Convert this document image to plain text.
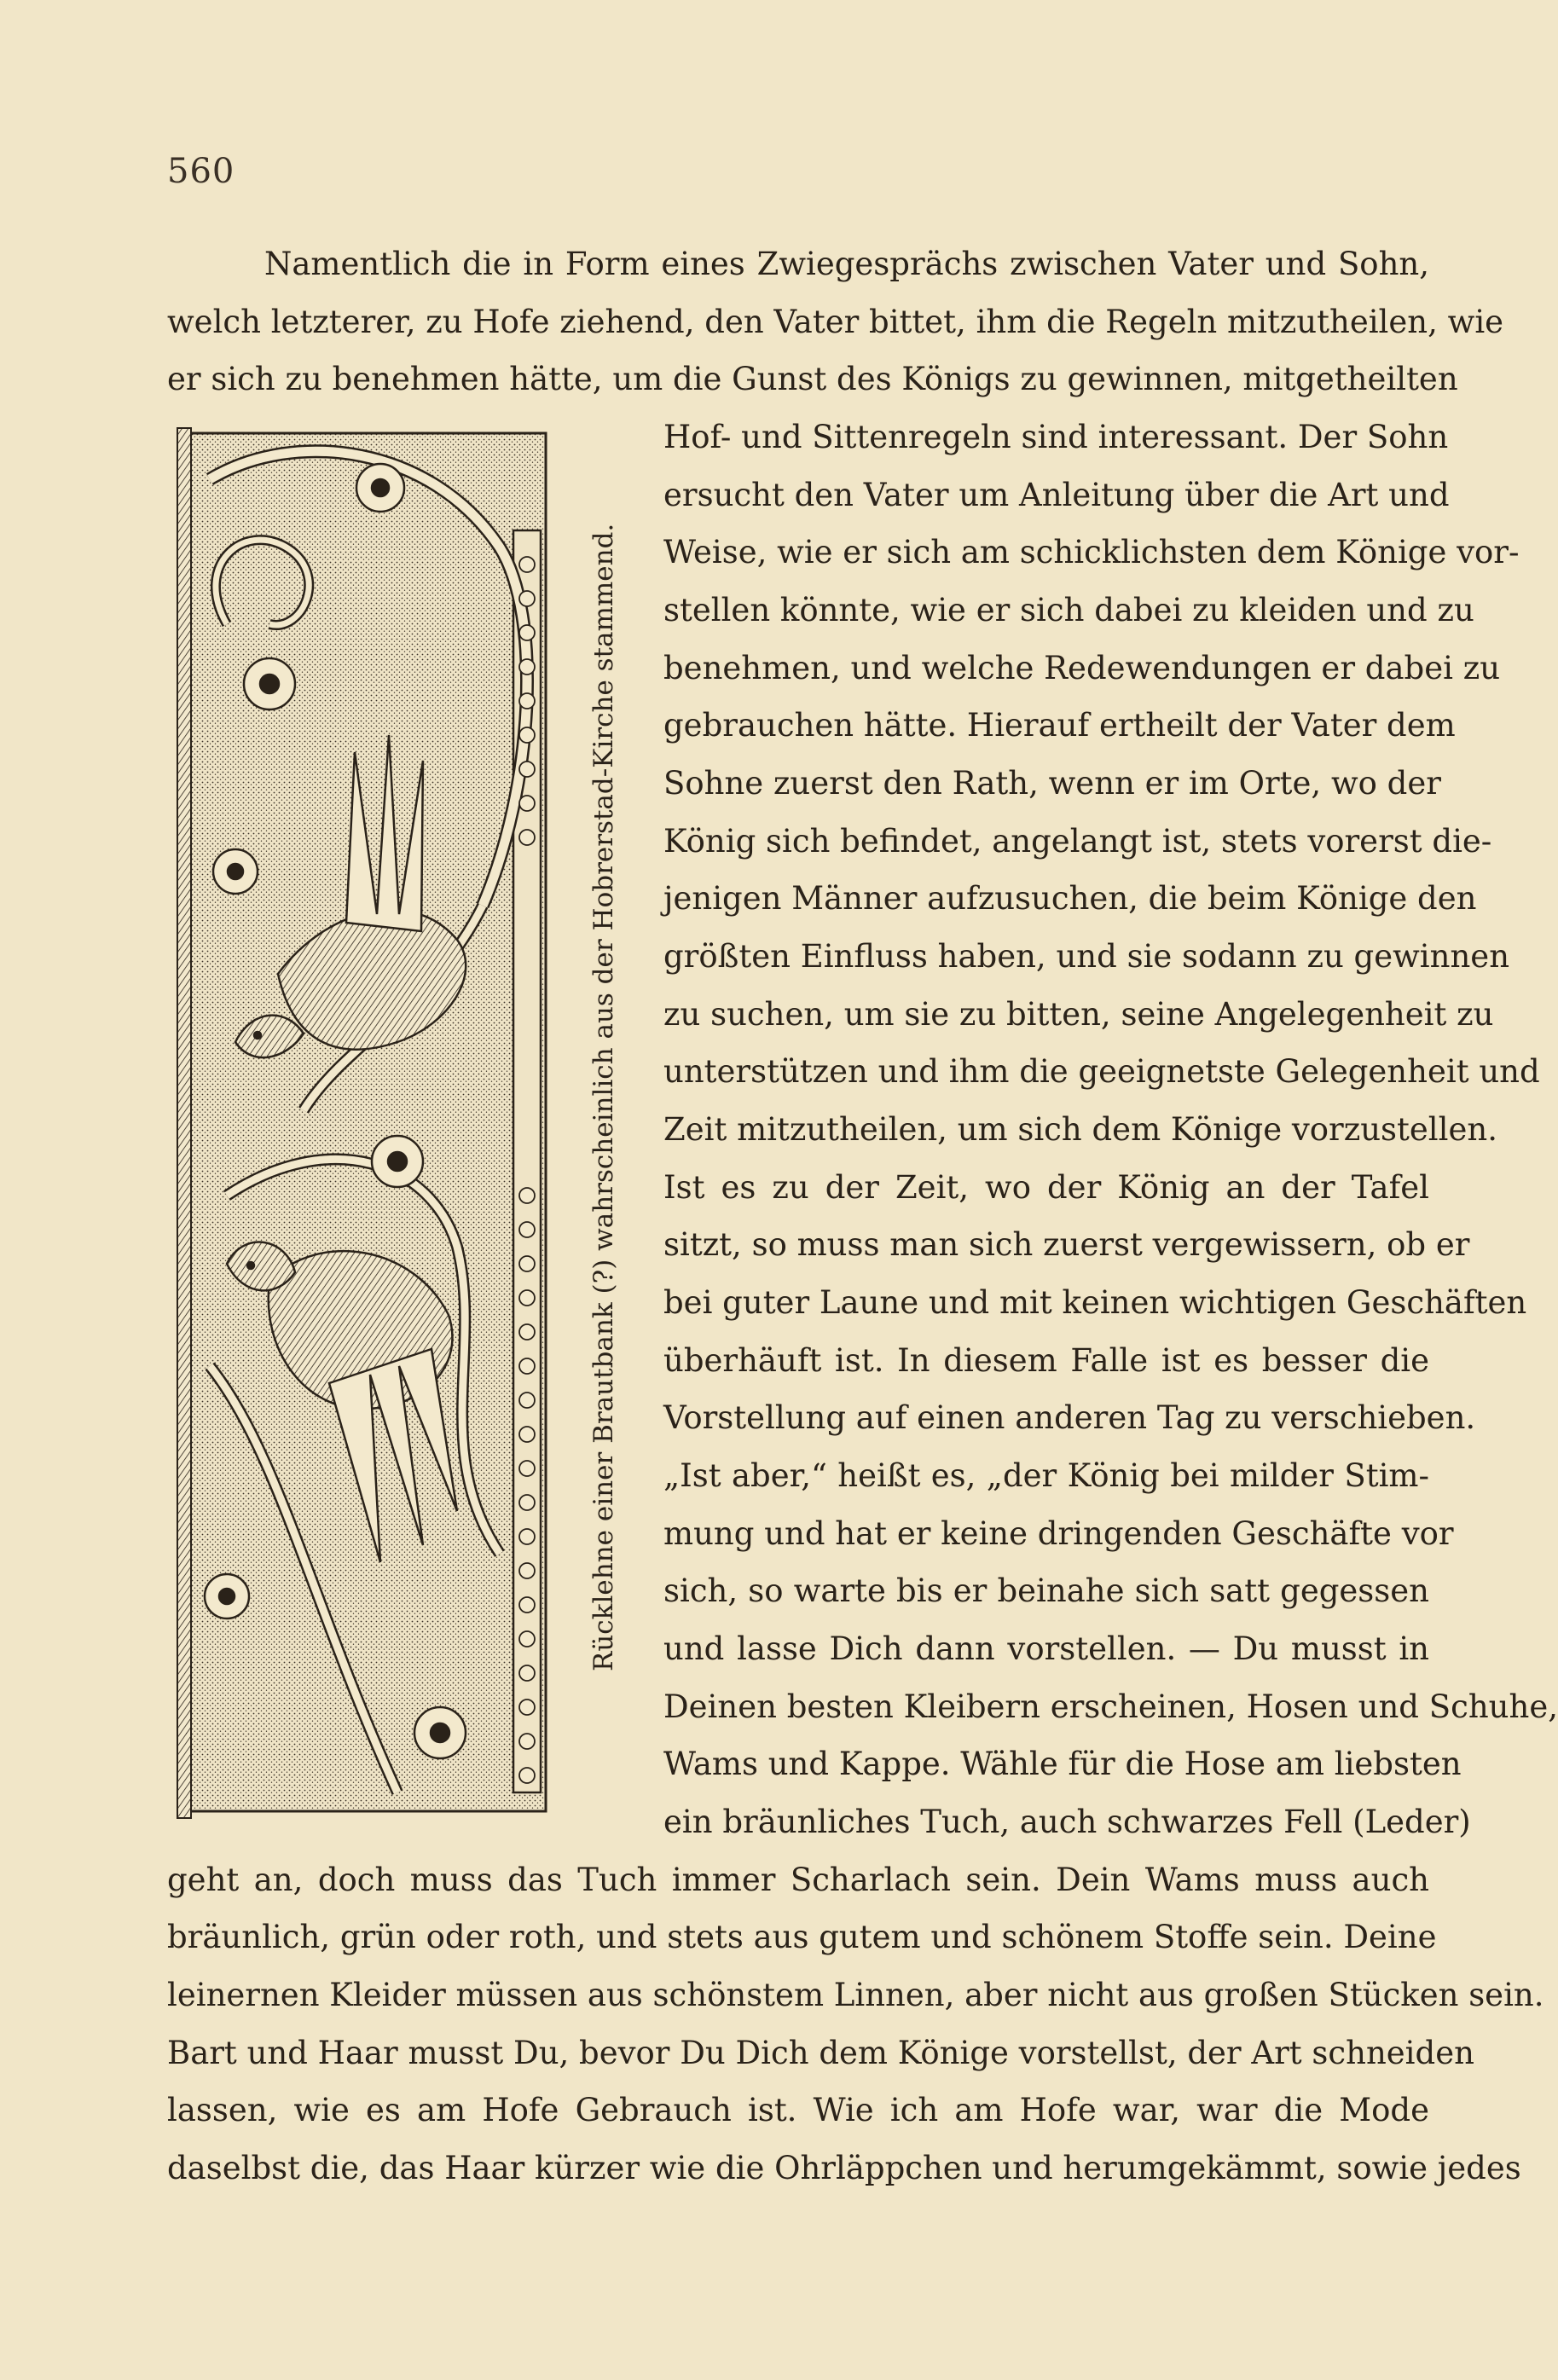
560
Namentlich die in Form eines Zwiegesprächs zwischen Vater und Sohn,
welch letzterer, zu Hofe ziehend, den Vater bittet, ihm die Regeln mitzutheilen, wie
er sich zu benehmen hätte, um die Gunst des Königs zu gewinnen, mitgetheilten
Hof- und Sittenregeln sind interessant. Der Sohn
ersucht den Vater um Anleitung über die Art und
Weise, wie er sich am schicklichsten dem Könige vor-
stellen könnte, wie er sich dabei zu kleiden und zu
benehmen, und welche Redewendungen er dabei zu
gebrauchen hätte. Hierauf ertheilt der Vater dem
Sohne zuerst den Rath, wenn er im Orte, wo der
König sich befindet, angelangt ist, stets vorerst die-
jenigen Männer aufzusuchen, die beim Könige den
größten Einfluss haben, und sie sodann zu gewinnen
zu suchen, um sie zu bitten, seine Angelegenheit zu
unterstützen und ihm die geeignetste Gelegenheit und
Zeit mitzutheilen, um sich dem Könige vorzustellen.
Ist es zu der Zeit, wo der König an der Tafel
sitzt, so muss man sich zuerst vergewissern, ob er
bei guter Laune und mit keinen wichtigen Geschäften
überhäuft ist. In diesem Falle ist es besser die
Vorstellung auf einen anderen Tag zu verschieben.
„Ist aber,“ heißt es, „der König bei milder Stim-
mung und hat er keine dringenden Geschäfte vor
sich, so warte bis er beinahe sich satt gegessen
und lasse Dich dann vorstellen. — Du musst in
Deinen besten Kleibern erscheinen, Hosen und Schuhe,
Wams und Kappe. Wähle für die Hose am liebsten
ein bräunliches Tuch, auch schwarzes Fell (Leder)
geht an, doch muss das Tuch immer Scharlach sein. Dein Wams muss auch
bräunlich, grün oder roth, und stets aus gutem und schönem Stoffe sein. Deine
leinernen Kleider müssen aus schönstem Linnen, aber nicht aus großen Stücken sein.
Bart und Haar musst Du, bevor Du Dich dem Könige vorstellst, der Art schneiden
lassen, wie es am Hofe Gebrauch ist. Wie ich am Hofe war, war die Mode
daselbst die, das Haar kürzer wie die Ohrläppchen und herumgekämmt, sowie jedes
Rücklehne einer Brautbank (?) wahrscheinlich aus der Hobrerstad-Kirche stammend.
